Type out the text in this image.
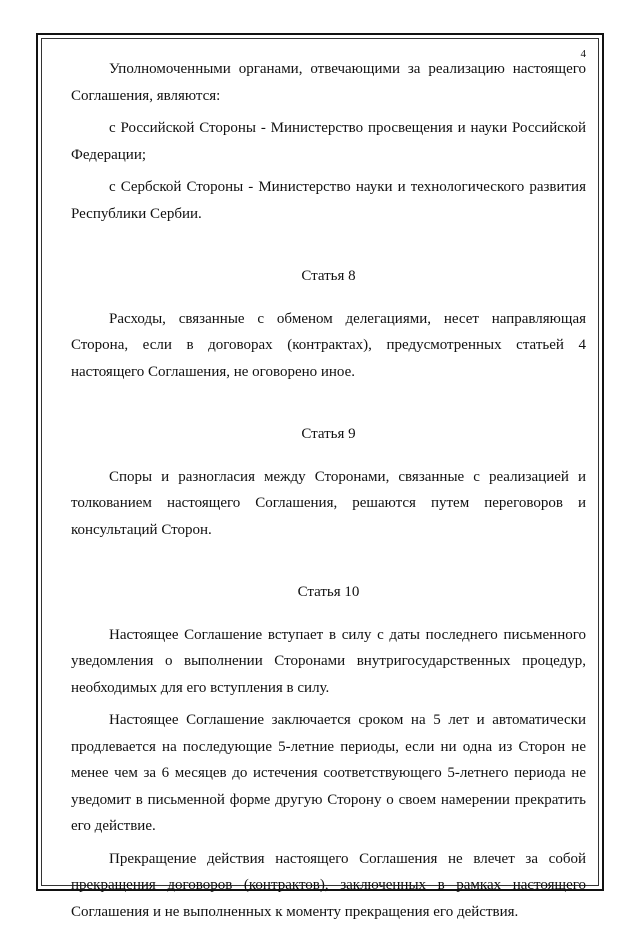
4

Уполномоченными органами, отвечающими за реализацию настоящего Соглашения, являются:

с Российской Стороны - Министерство просвещения и науки Российской Федерации;

с Сербской Стороны - Министерство науки и технологического развития Республики Сербии.

Статья 8

Расходы, связанные с обменом делегациями, несет направляющая Сторона, если в договорах (контрактах), предусмотренных статьей 4 настоящего Соглашения, не оговорено иное.

Статья 9

Споры и разногласия между Сторонами, связанные с реализацией и толкованием настоящего Соглашения, решаются путем переговоров и консультаций Сторон.

Статья 10

Настоящее Соглашение вступает в силу с даты последнего письменного уведомления о выполнении Сторонами внутригосударственных процедур, необходимых для его вступления в силу.

Настоящее Соглашение заключается сроком на 5 лет и автоматически продлевается на последующие 5-летние периоды, если ни одна из Сторон не менее чем за 6 месяцев до истечения соответствующего 5-летнего периода не уведомит в письменной форме другую Сторону о своем намерении прекратить его действие.

Прекращение действия настоящего Соглашения не влечет за собой прекращения договоров (контрактов), заключенных в рамках настоящего Соглашения и не выполненных к моменту прекращения его действия.
